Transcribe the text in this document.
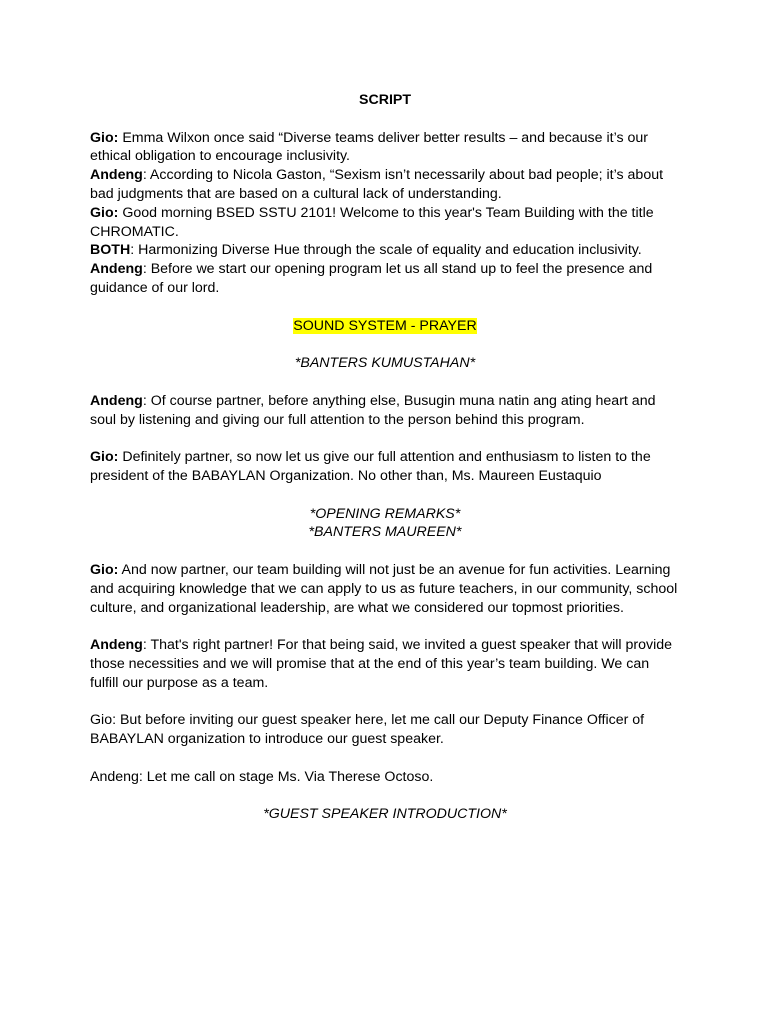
SCRIPT

Gio: Emma Wilxon once said “Diverse teams deliver better results – and because it’s our ethical obligation to encourage inclusivity.

Andeng: According to Nicola Gaston, “Sexism isn’t necessarily about bad people; it’s about bad judgments that are based on a cultural lack of understanding.

Gio: Good morning BSED SSTU 2101! Welcome to this year's Team Building with the title CHROMATIC.

BOTH: Harmonizing Diverse Hue through the scale of equality and education inclusivity.

Andeng: Before we start our opening program let us all stand up to feel the presence and guidance of our lord.

SOUND SYSTEM - PRAYER

*BANTERS KUMUSTAHAN*

Andeng: Of course partner, before anything else, Busugin muna natin ang ating heart and soul by listening and giving our full attention to the person behind this program.

Gio: Definitely partner, so now let us give our full attention and enthusiasm to listen to the president of the BABAYLAN Organization. No other than, Ms. Maureen Eustaquio

*OPENING REMARKS*

*BANTERS MAUREEN*

Gio: And now partner, our team building will not just be an avenue for fun activities. Learning and acquiring knowledge that we can apply to us as future teachers, in our community, school culture, and organizational leadership, are what we considered our topmost priorities.

Andeng: That's right partner! For that being said, we invited a guest speaker that will provide those necessities and we will promise that at the end of this year’s team building. We can fulfill our purpose as a team.

Gio: But before inviting our guest speaker here, let me call our Deputy Finance Officer of BABAYLAN organization to introduce our guest speaker.

Andeng: Let me call on stage Ms. Via Therese Octoso.

*GUEST SPEAKER INTRODUCTION*
